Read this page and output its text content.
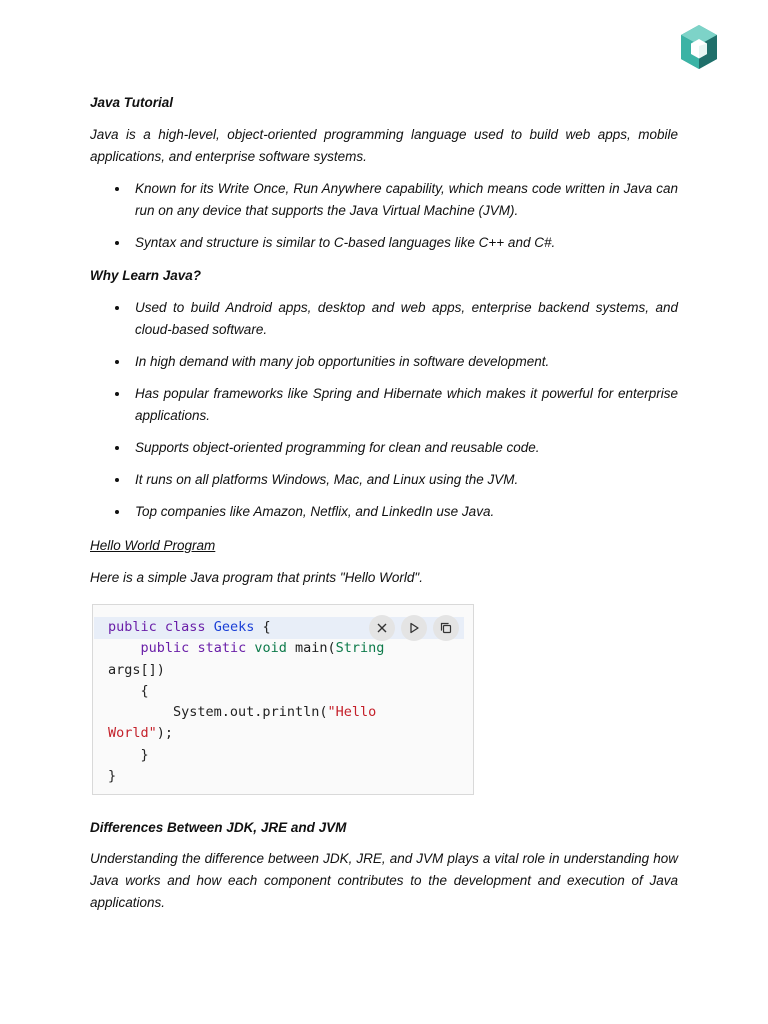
Java Tutorial

Java is a high-level, object-oriented programming language used to build web apps, mobile applications, and enterprise software systems.

Known for its Write Once, Run Anywhere capability, which means code written in Java can run on any device that supports the Java Virtual Machine (JVM).
Syntax and structure is similar to C-based languages like C++ and C#.
Why Learn Java?
Used to build Android apps, desktop and web apps, enterprise backend systems, and cloud-based software.
In high demand with many job opportunities in software development.
Has popular frameworks like Spring and Hibernate which makes it powerful for enterprise applications.
Supports object-oriented programming for clean and reusable code.
It runs on all platforms Windows, Mac, and Linux using the JVM.
Top companies like Amazon, Netflix, and LinkedIn use Java.
Hello World Program

Here is a simple Java program that prints "Hello World".

public class Geeks {
public static void main(String
args[])
{
System.out.println("Hello
World");
}
}
Differences Between JDK, JRE and JVM

Understanding the difference between JDK, JRE, and JVM plays a vital role in understanding how Java works and how each component contributes to the development and execution of Java applications.
